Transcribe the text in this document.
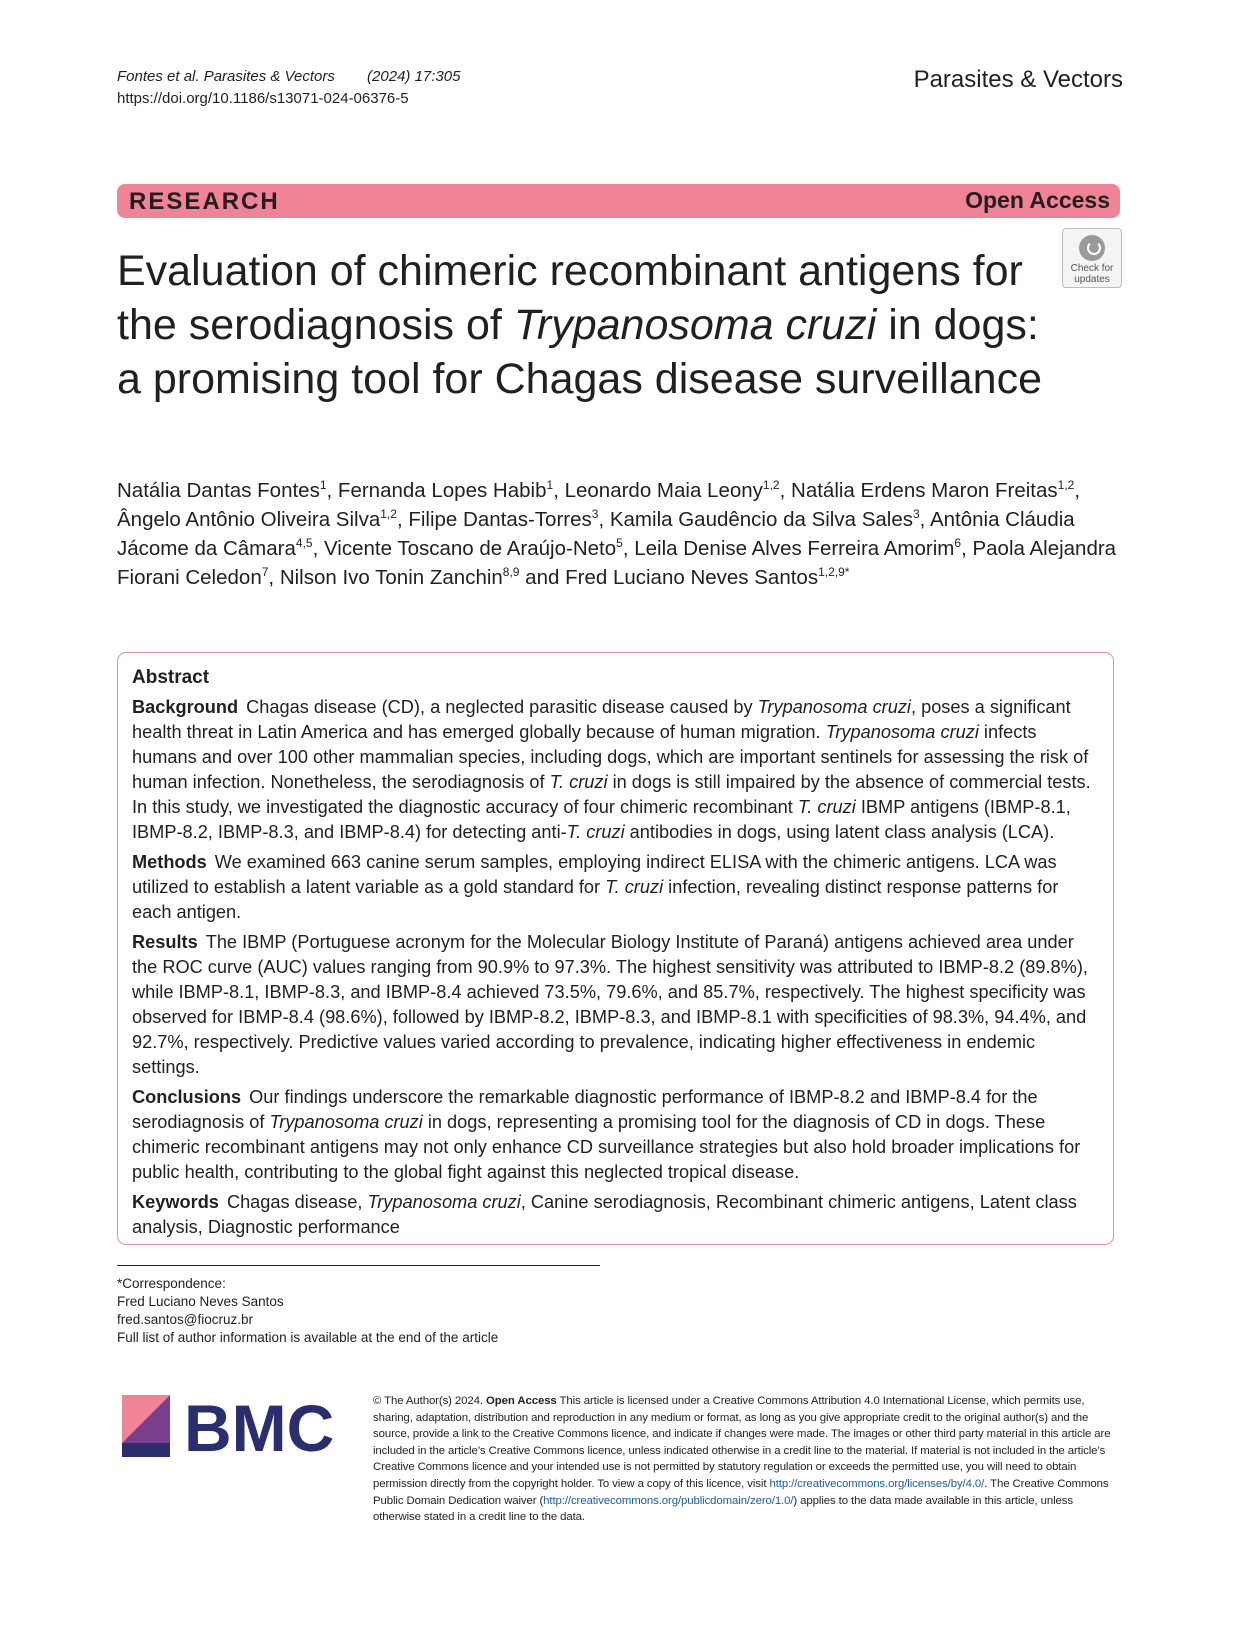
Fontes et al. Parasites & Vectors (2024) 17:305
https://doi.org/10.1186/s13071-024-06376-5
Parasites & Vectors
RESEARCH	Open Access
Evaluation of chimeric recombinant antigens for the serodiagnosis of Trypanosoma cruzi in dogs: a promising tool for Chagas disease surveillance
Check for
updates
Natália Dantas Fontes$^1$, Fernanda Lopes Habib$^1$, Leonardo Maia Leony$^{1,2}$, Natália Erdens Maron Freitas$^{1,2}$, Ângelo Antônio Oliveira Silva$^{1,2}$, Filipe Dantas-Torres$^3$, Kamila Gaudêncio da Silva Sales$^3$, Antônia Cláudia Jácome da Câmara$^{4,5}$, Vicente Toscano de Araújo-Neto$^5$, Leila Denise Alves Ferreira Amorim$^6$, Paola Alejandra Fiorani Celedon$^7$, Nilson Ivo Tonin Zanchin$^{8,9}$ and Fred Luciano Neves Santos$^{1,2,9*}$
Abstract

Background Chagas disease (CD), a neglected parasitic disease caused by Trypanosoma cruzi, poses a significant health threat in Latin America and has emerged globally because of human migration. Trypanosoma cruzi infects humans and over 100 other mammalian species, including dogs, which are important sentinels for assessing the risk of human infection. Nonetheless, the serodiagnosis of T. cruzi in dogs is still impaired by the absence of commercial tests. In this study, we investigated the diagnostic accuracy of four chimeric recombinant T. cruzi IBMP antigens (IBMP-8.1, IBMP-8.2, IBMP-8.3, and IBMP-8.4) for detecting anti-T. cruzi antibodies in dogs, using latent class analysis (LCA).

Methods We examined 663 canine serum samples, employing indirect ELISA with the chimeric antigens. LCA was utilized to establish a latent variable as a gold standard for T. cruzi infection, revealing distinct response patterns for each antigen.

Results The IBMP (Portuguese acronym for the Molecular Biology Institute of Paraná) antigens achieved area under the ROC curve (AUC) values ranging from 90.9% to 97.3%. The highest sensitivity was attributed to IBMP-8.2 (89.8%), while IBMP-8.1, IBMP-8.3, and IBMP-8.4 achieved 73.5%, 79.6%, and 85.7%, respectively. The highest specificity was observed for IBMP-8.4 (98.6%), followed by IBMP-8.2, IBMP-8.3, and IBMP-8.1 with specificities of 98.3%, 94.4%, and 92.7%, respectively. Predictive values varied according to prevalence, indicating higher effectiveness in endemic settings.

Conclusions Our findings underscore the remarkable diagnostic performance of IBMP-8.2 and IBMP-8.4 for the serodiagnosis of Trypanosoma cruzi in dogs, representing a promising tool for the diagnosis of CD in dogs. These chimeric recombinant antigens may not only enhance CD surveillance strategies but also hold broader implications for public health, contributing to the global fight against this neglected tropical disease.

Keywords Chagas disease, Trypanosoma cruzi, Canine serodiagnosis, Recombinant chimeric antigens, Latent class analysis, Diagnostic performance

*Correspondence:
Fred Luciano Neves Santos
fred.santos@fiocruz.br
Full list of author information is available at the end of the article
BMC	© The Author(s) 2024. Open Access This article is licensed under a Creative Commons Attribution 4.0 International License, which permits use, sharing, adaptation, distribution and reproduction in any medium or format, as long as you give appropriate credit to the original author(s) and the source, provide a link to the Creative Commons licence, and indicate if changes were made. The images or other third party material in this article are included in the article’s Creative Commons licence, unless indicated otherwise in a credit line to the material. If material is not included in the article’s Creative Commons licence and your intended use is not permitted by statutory regulation or exceeds the permitted use, you will need to obtain permission directly from the copyright holder. To view a copy of this licence, visit http://creativecommons.org/licenses/by/4.0/. The Creative Commons Public Domain Dedication waiver (http://creativecommons.org/publicdomain/zero/1.0/) applies to the data made available in this article, unless otherwise stated in a credit line to the data.
